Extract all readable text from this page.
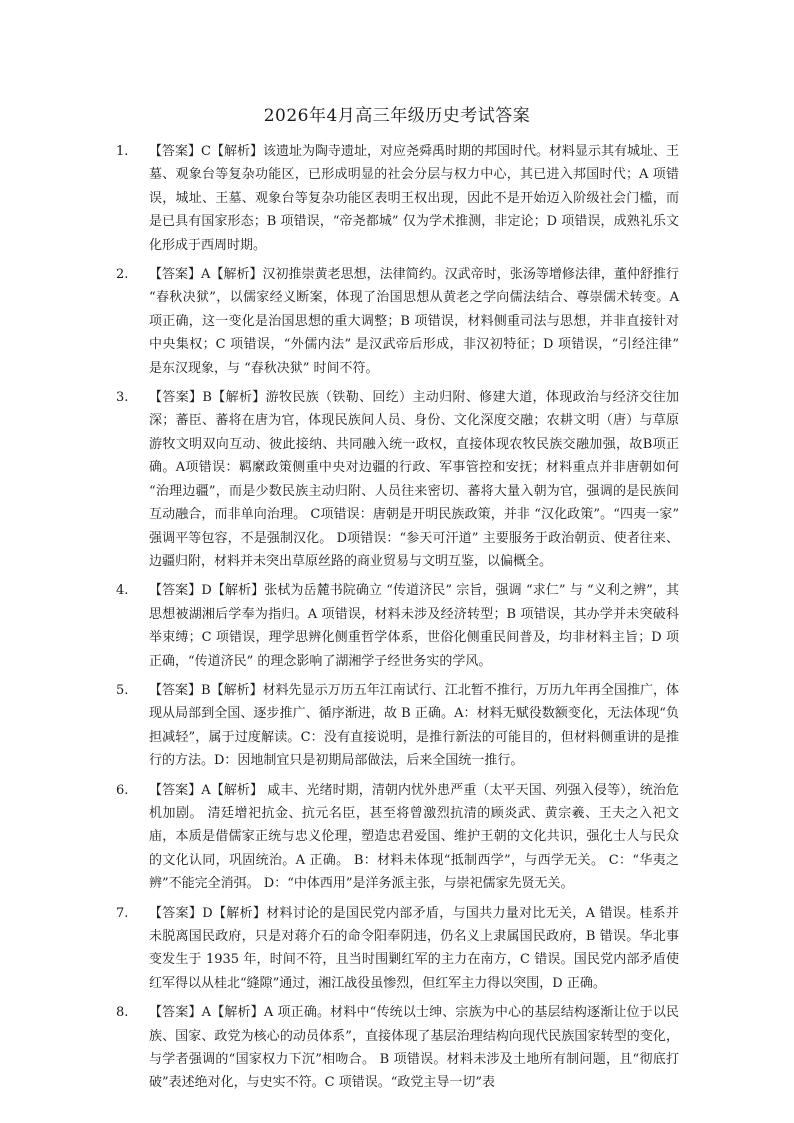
2026年4月高三年级历史考试答案
1.	【答案】C【解析】该遗址为陶寺遗址，对应尧舜禹时期的邦国时代。材料显示其有城址、王墓、观象台等复杂功能区，已形成明显的社会分层与权力中心，其已进入邦国时代；A 项错误，城址、王墓、观象台等复杂功能区表明王权出现，因此不是开始迈入阶级社会门槛，而是已具有国家形态；B 项错误，“帝尧都城” 仅为学术推测，非定论；D 项错误，成熟礼乐文化形成于西周时期。
2.	【答案】A【解析】汉初推崇黄老思想，法律简约。汉武帝时，张汤等增修法律，董仲舒推行 “春秋决狱”，以儒家经义断案，体现了治国思想从黄老之学向儒法结合、尊崇儒术转变。A 项正确，这一变化是治国思想的重大调整；B 项错误，材料侧重司法与思想，并非直接针对中央集权；C 项错误，“外儒内法” 是汉武帝后形成，非汉初特征；D 项错误，“引经注律” 是东汉现象，与 “春秋决狱” 时间不符。
3.	【答案】B【解析】游牧民族（铁勒、回纥）主动归附、修建大道，体现政治与经济交往加深；蕃臣、蕃将在唐为官，体现民族间人员、身份、文化深度交融；农耕文明（唐）与草原游牧文明双向互动、彼此接纳、共同融入统一政权，直接体现农牧民族交融加强，故B项正确。A项错误：羁縻政策侧重中央对边疆的行政、军事管控和安抚；材料重点并非唐朝如何 “治理边疆”，而是少数民族主动归附、人员往来密切、蕃将大量入朝为官，强调的是民族间互动融合，而非单向治理。 C项错误：唐朝是开明民族政策，并非 “汉化政策”。“四夷一家” 强调平等包容，不是强制汉化。 D项错误：“参天可汗道” 主要服务于政治朝贡、使者往来、边疆归附，材料并未突出草原丝路的商业贸易与文明互鉴，以偏概全。
4.	【答案】D【解析】张栻为岳麓书院确立 “传道济民” 宗旨，强调 “求仁” 与 “义利之辨”，其思想被湖湘后学奉为指归。A 项错误，材料未涉及经济转型；B 项错误，其办学并未突破科举束缚；C 项错误，理学思辨化侧重哲学体系，世俗化侧重民间普及，均非材料主旨；D 项正确，“传道济民” 的理念影响了湖湘学子经世务实的学风。
5.	【答案】B【解析】材料先显示万历五年江南试行、江北暂不推行，万历九年再全国推广，体现从局部到全国、逐步推广、循序渐进，故 B 正确。A：材料无赋役数额变化，无法体现“负担减轻”，属于过度解读。C：没有直接说明，是推行新法的可能目的，但材料侧重讲的是推行的方法。D：因地制宜只是初期局部做法，后来全国统一推行。
6.	【答案】A【解析】 咸丰、光绪时期，清朝内忧外患严重（太平天国、列强入侵等），统治危机加剧。 清廷增祀抗金、抗元名臣，甚至将曾激烈抗清的顾炎武、黄宗羲、王夫之入祀文庙，本质是借儒家正统与忠义伦理，塑造忠君爱国、维护王朝的文化共识，强化士人与民众的文化认同，巩固统治。A 正确。 B：材料未体现“抵制西学”，与西学无关。 C：“华夷之辨”不能完全消弭。 D：“中体西用”是洋务派主张，与崇祀儒家先贤无关。
7.	【答案】D【解析】材料讨论的是国民党内部矛盾，与国共力量对比无关，A 错误。桂系并未脱离国民政府，只是对蒋介石的命令阳奉阴违，仍名义上隶属国民政府，B 错误。华北事变发生于 1935 年，时间不符，且当时围剿红军的主力在南方，C 错误。国民党内部矛盾使红军得以从桂北“缝隙”通过，湘江战役虽惨烈，但红军主力得以突围，D 正确。
8.	【答案】A【解析】A 项正确。材料中“传统以士绅、宗族为中心的基层结构逐渐让位于以民族、国家、政党为核心的动员体系”，直接体现了基层治理结构向现代民族国家转型的变化，与学者强调的“国家权力下沉”相吻合。 B 项错误。材料未涉及土地所有制问题，且“彻底打破”表述绝对化，与史实不符。C 项错误。“政党主导一切”表
